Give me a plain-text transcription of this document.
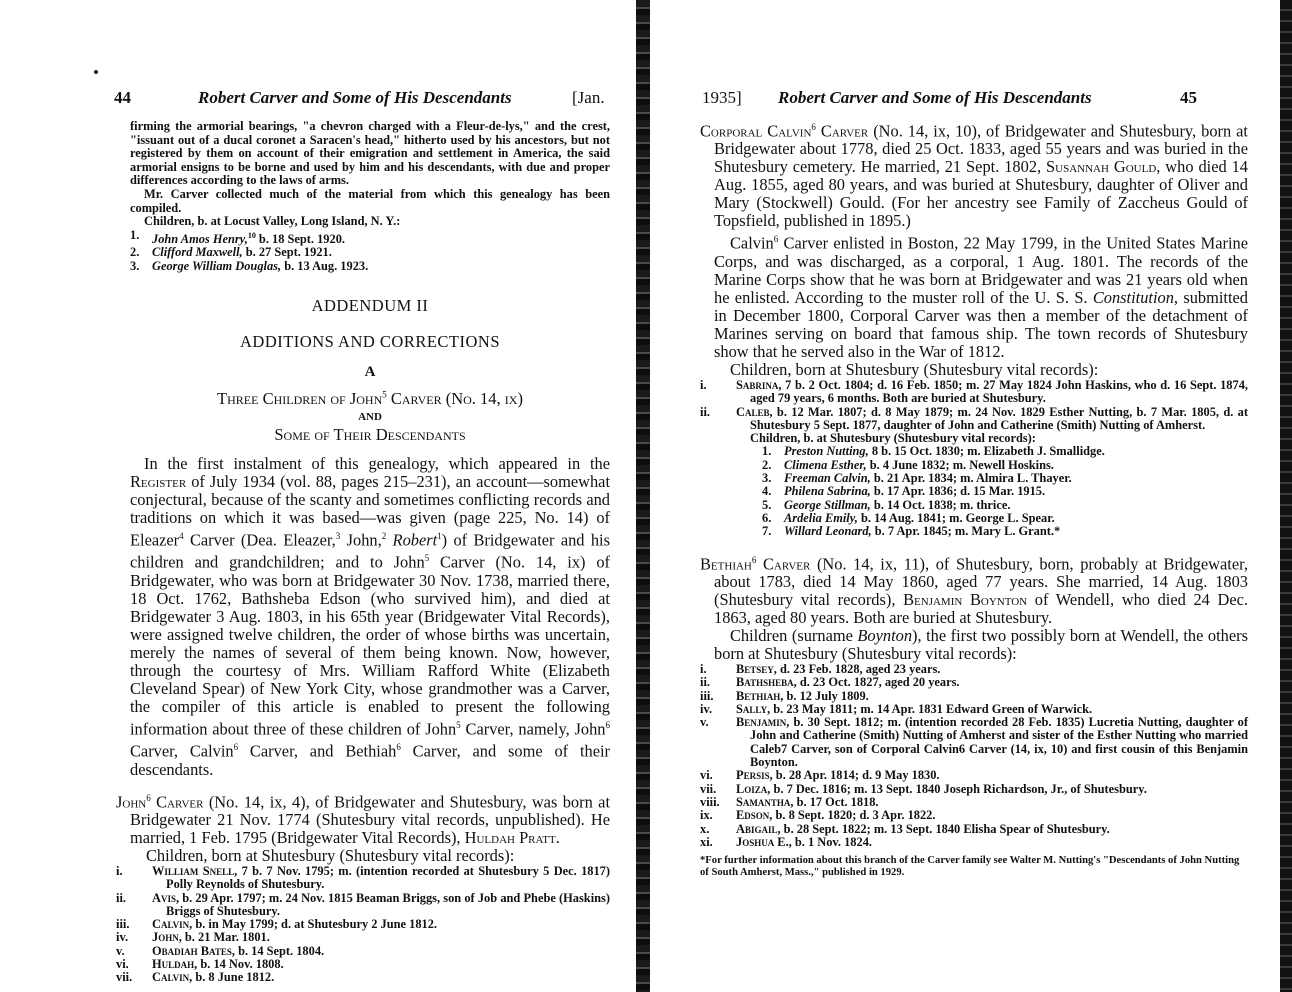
44	Robert Carver and Some of His Descendants	[Jan.

firming the armorial bearings, "a chevron charged with a Fleur-de-lys," and the crest, "issuant out of a ducal coronet a Saracen's head," hitherto used by his ancestors, but not registered by them on account of their emigration and settlement in America, the said armorial ensigns to be borne and used by him and his descendants, with due and proper differences according to the laws of arms.

Mr. Carver collected much of the material from which this genealogy has been compiled.

Children, b. at Locust Valley, Long Island, N. Y.:
1.	John Amos Henry,$^{10}$ b. 18 Sept. 1920.
2.	Clifford Maxwell, b. 27 Sept. 1921.
3.	George William Douglas, b. 13 Aug. 1923.
ADDENDUM II
ADDITIONS AND CORRECTIONS
A
Three Children of John$^5$ Carver (No. 14, ix)
AND
Some of Their Descendants

In the first instalment of this genealogy, which appeared in the Register of July 1934 (vol. 88, pages 215–231), an account—somewhat conjectural, because of the scanty and sometimes conflicting records and traditions on which it was based—was given (page 225, No. 14) of Eleazer$^4$ Carver (Dea. Eleazer,$^3$ John,$^2$ Robert$^1$) of Bridgewater and his children and grandchildren; and to John$^5$ Carver (No. 14, ix) of Bridgewater, who was born at Bridgewater 30 Nov. 1738, married there, 18 Oct. 1762, Bathsheba Edson (who survived him), and died at Bridgewater 3 Aug. 1803, in his 65th year (Bridgewater Vital Records), were assigned twelve children, the order of whose births was uncertain, merely the names of several of them being known. Now, however, through the courtesy of Mrs. William Rafford White (Elizabeth Cleveland Spear) of New York City, whose grandmother was a Carver, the compiler of this article is enabled to present the following information about three of these children of John$^5$ Carver, namely, John$^6$ Carver, Calvin$^6$ Carver, and Bethiah$^6$ Carver, and some of their descendants.

John$^6$ Carver (No. 14, ix, 4), of Bridgewater and Shutesbury, was born at Bridgewater 21 Nov. 1774 (Shutesbury vital records, unpublished). He married, 1 Feb. 1795 (Bridgewater Vital Records), Huldah Pratt.
Children, born at Shutesbury (Shutesbury vital records):
i.	William Snell, 7 b. 7 Nov. 1795; m. (intention recorded at Shutesbury 5 Dec. 1817) Polly Reynolds of Shutesbury.
ii.	Avis, b. 29 Apr. 1797; m. 24 Nov. 1815 Beaman Briggs, son of Job and Phebe (Haskins) Briggs of Shutesbury.
iii.	Calvin, b. in May 1799; d. at Shutesbury 2 June 1812.
iv.	John, b. 21 Mar. 1801.
v.	Obadiah Bates, b. 14 Sept. 1804.
vi.	Huldah, b. 14 Nov. 1808.
vii.	Calvin, b. 8 June 1812.
1935] Robert Carver and Some of His Descendants	45
Corporal Calvin$^6$ Carver (No. 14, ix, 10), of Bridgewater and Shutesbury, born at Bridgewater about 1778, died 25 Oct. 1833, aged 55 years and was buried in the Shutesbury cemetery. He married, 21 Sept. 1802, Susannah Gould, who died 14 Aug. 1855, aged 80 years, and was buried at Shutesbury, daughter of Oliver and Mary (Stockwell) Gould. (For her ancestry see Family of Zaccheus Gould of Topsfield, published in 1895.)

Calvin$^6$ Carver enlisted in Boston, 22 May 1799, in the United States Marine Corps, and was discharged, as a corporal, 1 Aug. 1801. The records of the Marine Corps show that he was born at Bridgewater and was 21 years old when he enlisted. According to the muster roll of the U. S. S. Constitution, submitted in December 1800, Corporal Carver was then a member of the detachment of Marines serving on board that famous ship. The town records of Shutesbury show that he served also in the War of 1812.

Children, born at Shutesbury (Shutesbury vital records):
i.	Sabrina, 7 b. 2 Oct. 1804; d. 16 Feb. 1850; m. 27 May 1824 John Haskins, who d. 16 Sept. 1874, aged 79 years, 6 months. Both are buried at Shutesbury.
ii.	Caleb, b. 12 Mar. 1807; d. 8 May 1879; m. 24 Nov. 1829 Esther Nutting, b. 7 Mar. 1805, d. at Shutesbury 5 Sept. 1877, daughter of John and Catherine (Smith) Nutting of Amherst.
Children, b. at Shutesbury (Shutesbury vital records):
1.	Preston Nutting, 8 b. 15 Oct. 1830; m. Elizabeth J. Smallidge.
2.	Climena Esther, b. 4 June 1832; m. Newell Hoskins.
3.	Freeman Calvin, b. 21 Apr. 1834; m. Almira L. Thayer.
4.	Philena Sabrina, b. 17 Apr. 1836; d. 15 Mar. 1915.
5.	George Stillman, b. 14 Oct. 1838; m. thrice.
6.	Ardelia Emily, b. 14 Aug. 1841; m. George L. Spear.
7.	Willard Leonard, b. 7 Apr. 1845; m. Mary L. Grant.*
Bethiah$^6$ Carver (No. 14, ix, 11), of Shutesbury, born, probably at Bridgewater, about 1783, died 14 May 1860, aged 77 years. She married, 14 Aug. 1803 (Shutesbury vital records), Benjamin Boynton of Wendell, who died 24 Dec. 1863, aged 80 years. Both are buried at Shutesbury.

Children (surname Boynton), the first two possibly born at Wendell, the others born at Shutesbury (Shutesbury vital records):

i.	Betsey, d. 23 Feb. 1828, aged 23 years.
ii.	Bathsheba, d. 23 Oct. 1827, aged 20 years.
iii.	Bethiah, b. 12 July 1809.
iv.	Sally, b. 23 May 1811; m. 14 Apr. 1831 Edward Green of Warwick.
v.	Benjamin, b. 30 Sept. 1812; m. (intention recorded 28 Feb. 1835) Lucretia Nutting, daughter of John and Catherine (Smith) Nutting of Amherst and sister of the Esther Nutting who married Caleb7 Carver, son of Corporal Calvin6 Carver (14, ix, 10) and first cousin of this Benjamin Boynton.
vi.	Persis, b. 28 Apr. 1814; d. 9 May 1830.
vii.	Loiza, b. 7 Dec. 1816; m. 13 Sept. 1840 Joseph Richardson, Jr., of Shutesbury.
viii.	Samantha, b. 17 Oct. 1818.
ix.	Edson, b. 8 Sept. 1820; d. 3 Apr. 1822.
x.	Abigail, b. 28 Sept. 1822; m. 13 Sept. 1840 Elisha Spear of Shutesbury.
xi.	Joshua E., b. 1 Nov. 1824.
*For further information about this branch of the Carver family see Walter M. Nutting's "Descendants of John Nutting of South Amherst, Mass.," published in 1929.
